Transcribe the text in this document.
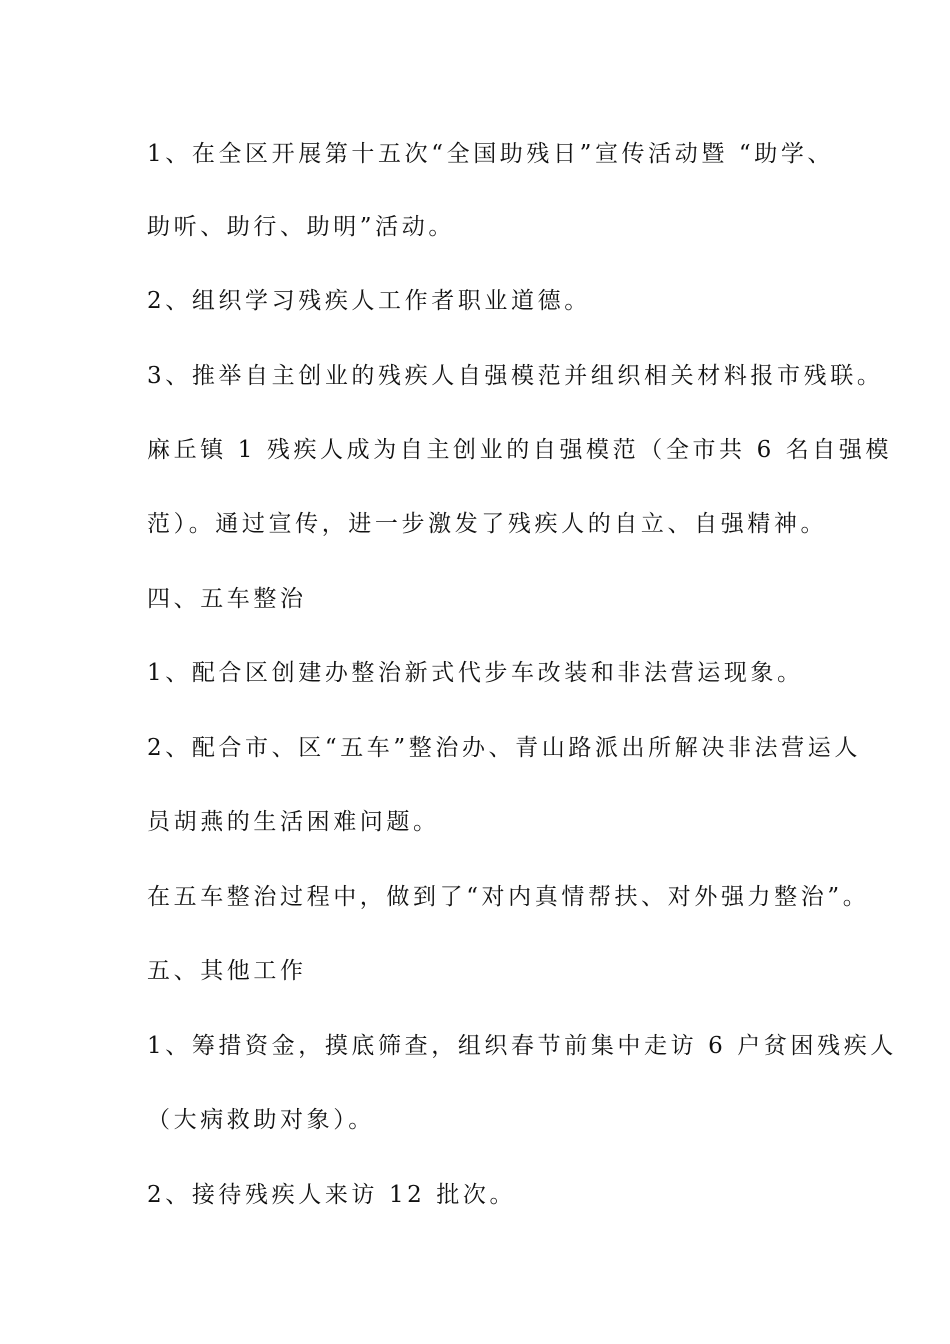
1、在全区开展第十五次“全国助残日”宣传活动暨 “助学、
助听、助行、助明”活动。
2、组织学习残疾人工作者职业道德。
3、推举自主创业的残疾人自强模范并组织相关材料报市残联。
麻丘镇 1 残疾人成为自主创业的自强模范（全市共 6 名自强模
范）。通过宣传，进一步激发了残疾人的自立、自强精神。
四、五车整治
1、配合区创建办整治新式代步车改装和非法营运现象。
2、配合市、区“五车”整治办、青山路派出所解决非法营运人
员胡燕的生活困难问题。
在五车整治过程中，做到了“对内真情帮扶、对外强力整治”。
五、其他工作
1、筹措资金，摸底筛查，组织春节前集中走访 6 户贫困残疾人
（大病救助对象）。
2、接待残疾人来访 12 批次。
